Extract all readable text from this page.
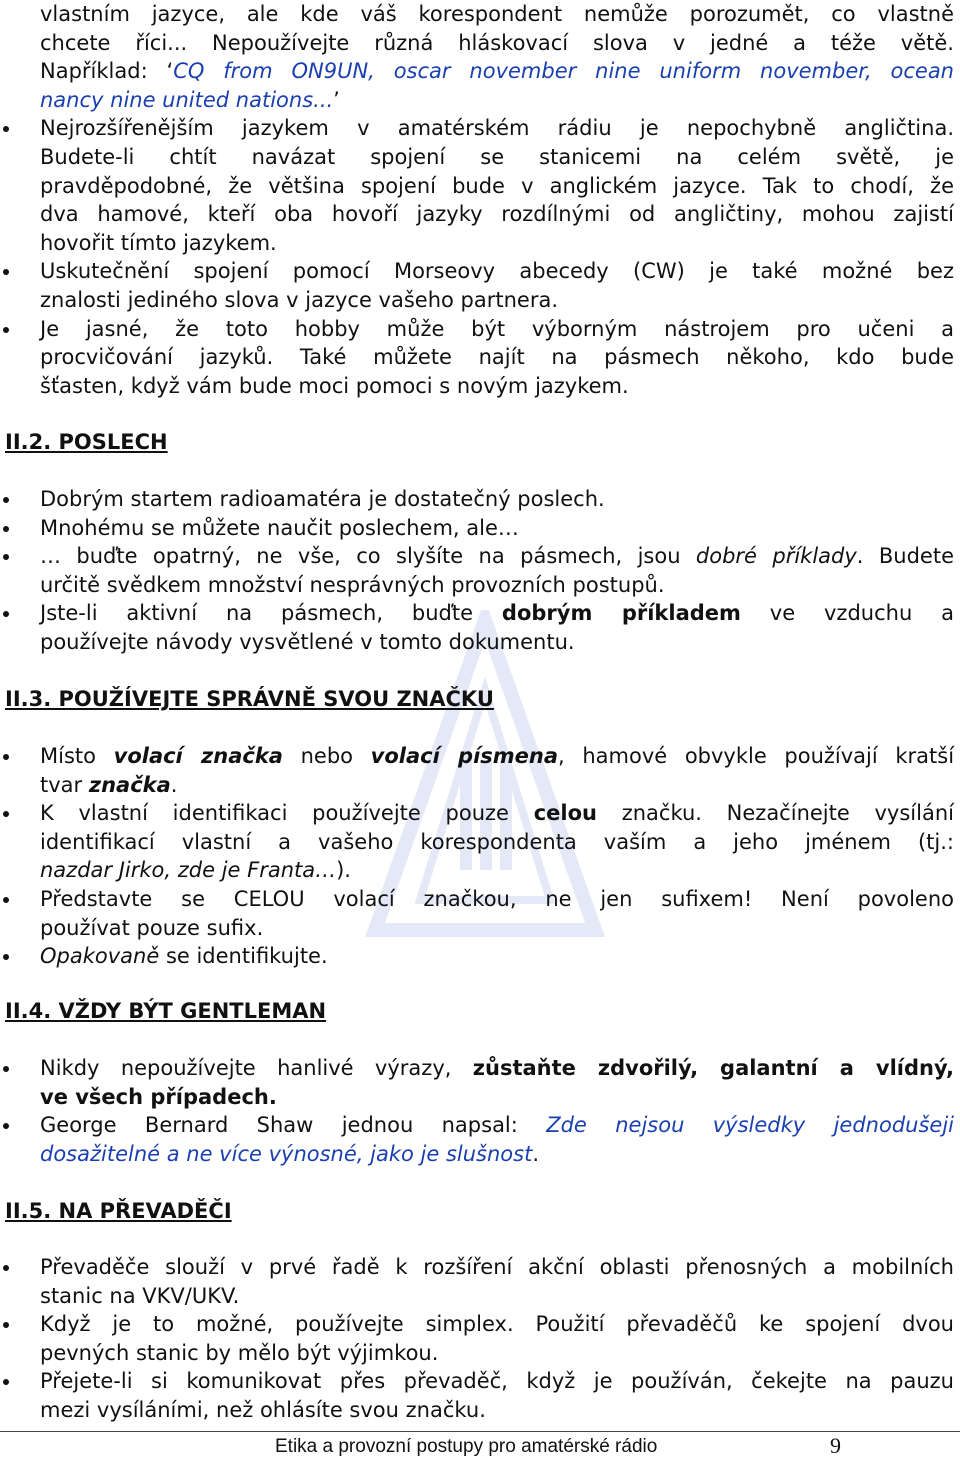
vlastním jazyce, ale kde váš korespondent nemůže porozumět, co vlastně
chcete říci... Nepoužívejte různá hláskovací slova v jedné a téže větě.
Například: ‘CQ from ON9UN, oscar november nine uniform november, ocean
nancy nine united nations...’
Nejrozšířenějším jazykem v amatérském rádiu je nepochybně angličtina.
Budete-li chtít navázat spojení se stanicemi na celém světě, je
pravděpodobné, že většina spojení bude v anglickém jazyce. Tak to chodí, že
dva hamové, kteří oba hovoří jazyky rozdílnými od angličtiny, mohou zajistí
hovořit tímto jazykem.
Uskutečnění spojení pomocí Morseovy abecedy (CW) je také možné bez
znalosti jediného slova v jazyce vašeho partnera.
Je jasné, že toto hobby může být výborným nástrojem pro učeni a
procvičování jazyků. Také můžete najít na pásmech někoho, kdo bude
šťasten, když vám bude moci pomoci s novým jazykem.
II.2. POSLECH
Dobrým startem radioamatéra je dostatečný poslech.
Mnohému se můžete naučit poslechem, ale…
… buďte opatrný, ne vše, co slyšíte na pásmech, jsou dobré příklady. Budete
určitě svědkem množství nesprávných provozních postupů.
Jste-li aktivní na pásmech, buďte dobrým příkladem ve vzduchu a
používejte návody vysvětlené v tomto dokumentu.
II.3. POUŽÍVEJTE SPRÁVNĚ SVOU ZNAČKU
Místo volací značka nebo volací písmena, hamové obvykle používají kratší
tvar značka.
K vlastní identifikaci používejte pouze celou značku. Nezačínejte vysílání
identifikací vlastní a vašeho korespondenta vaším a jeho jménem (tj.:
nazdar Jirko, zde je Franta…).
Představte se CELOU volací značkou, ne jen sufixem! Není povoleno
používat pouze sufix.
Opakovaně se identifikujte.
II.4. VŽDY BÝT GENTLEMAN
Nikdy nepoužívejte hanlivé výrazy, zůstaňte zdvořilý, galantní a vlídný,
ve všech případech.
George Bernard Shaw jednou napsal: Zde nejsou výsledky jednodušeji
dosažitelné a ne více výnosné, jako je slušnost.
II.5. NA PŘEVADĚČI
Převaděče slouží v prvé řadě k rozšíření akční oblasti přenosných a mobilních
stanic na VKV/UKV.
Když je to možné, používejte simplex. Použití převaděčů ke spojení dvou
pevných stanic by mělo být výjimkou.
Přejete-li si komunikovat přes převaděč, když je používán, čekejte na pauzu
mezi vysíláními, než ohlásíte svou značku.
Etika a provozní postupy pro amatérské rádio	9
